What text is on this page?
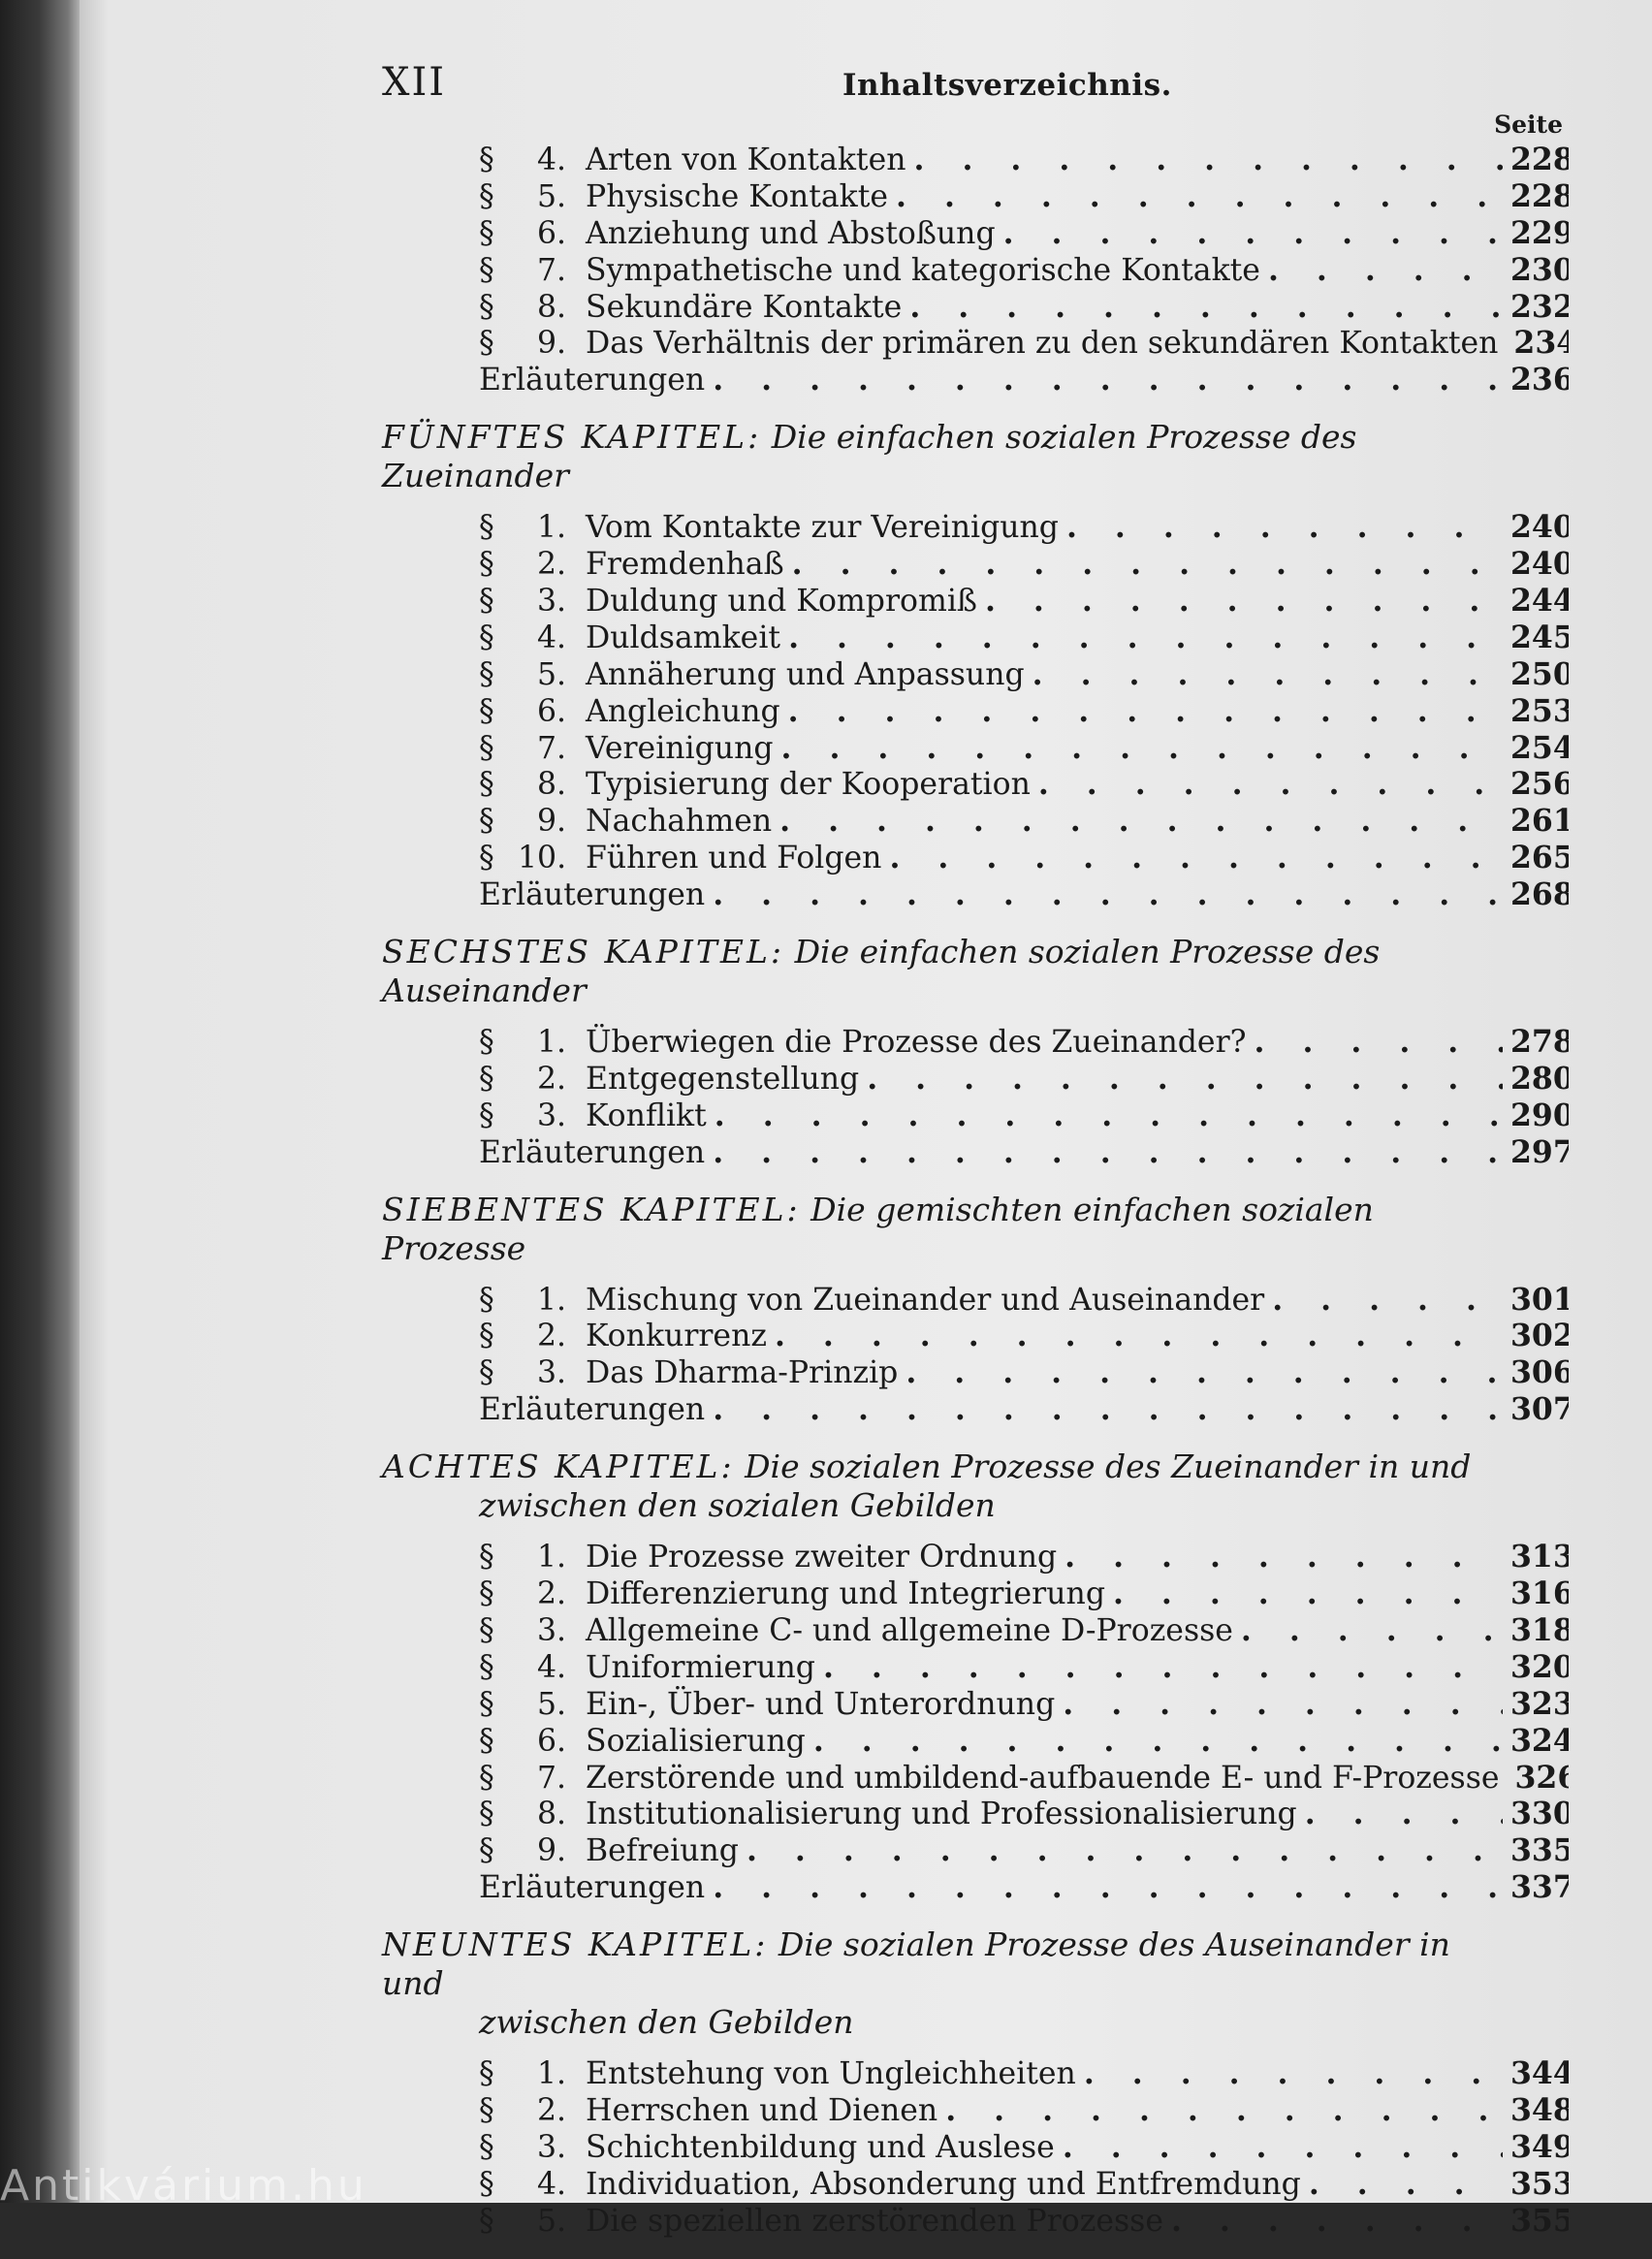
XII	Inhaltsverzeichnis.
Seite
§	4. Arten von Kontakten . . .	228
§	5. Physische Kontakte . . .	228
§	6. Anziehung und Abstoßung . . .	229
§	7. Sympathetische und kategorische Kontakte . . .	230
§	8. Sekundäre Kontakte . . .	232
§	9. Das Verhältnis der primären zu den sekundären Kontakten 234
Erläuterungen . . .	236
FÜNFTES KAPITEL: Die einfachen sozialen Prozesse des Zueinander
§	1. Vom Kontakte zur Vereinigung . . .	240
§	2. Fremdenhaß . . .	240
§	3. Duldung und Kompromiß . . .	244
§	4. Duldsamkeit . . .	245
§	5. Annäherung und Anpassung . . .	250
§	6. Angleichung . . .	253
§	7. Vereinigung . . .	254
§	8. Typisierung der Kooperation . . .	256
§	9. Nachahmen . . .	261
§ 10. Führen und Folgen . . .	265
Erläuterungen . . .	268
SECHSTES KAPITEL: Die einfachen sozialen Prozesse des Auseinander
§	1. Überwiegen die Prozesse des Zueinander? . . .	278
§	2. Entgegenstellung . . .	280
§	3. Konflikt . . .	290
Erläuterungen . . .	297
SIEBENTES KAPITEL: Die gemischten einfachen sozialen Prozesse
§	1. Mischung von Zueinander und Auseinander . . .	301
§	2. Konkurrenz . . .	302
§	3. Das Dharma-Prinzip . . .	306
Erläuterungen . . .	307
ACHTES KAPITEL: Die sozialen Prozesse des Zueinander in und
zwischen den sozialen Gebilden
§	1. Die Prozesse zweiter Ordnung . . .	313
§	2. Differenzierung und Integrierung . . .	316
§	3. Allgemeine C- und allgemeine D-Prozesse . . .	318
§	4. Uniformierung . . .	320
§	5. Ein-, Über- und Unterordnung . . .	323
§	6. Sozialisierung . . .	324
§	7. Zerstörende und umbildend-aufbauende E- und F-Prozesse 326
§	8. Institutionalisierung und Professionalisierung . . .	330
§	9. Befreiung . . .	335
Erläuterungen . . .	337
NEUNTES KAPITEL: Die sozialen Prozesse des Auseinander in und
zwischen den Gebilden
§	1. Entstehung von Ungleichheiten . . .	344
§	2. Herrschen und Dienen . . .	348
§	3. Schichtenbildung und Auslese . . .	349
§	4. Individuation, Absonderung und Entfremdung . . .	353
§	5. Die speziellen zerstörenden Prozesse . . .	355
Antikvárium.hu
